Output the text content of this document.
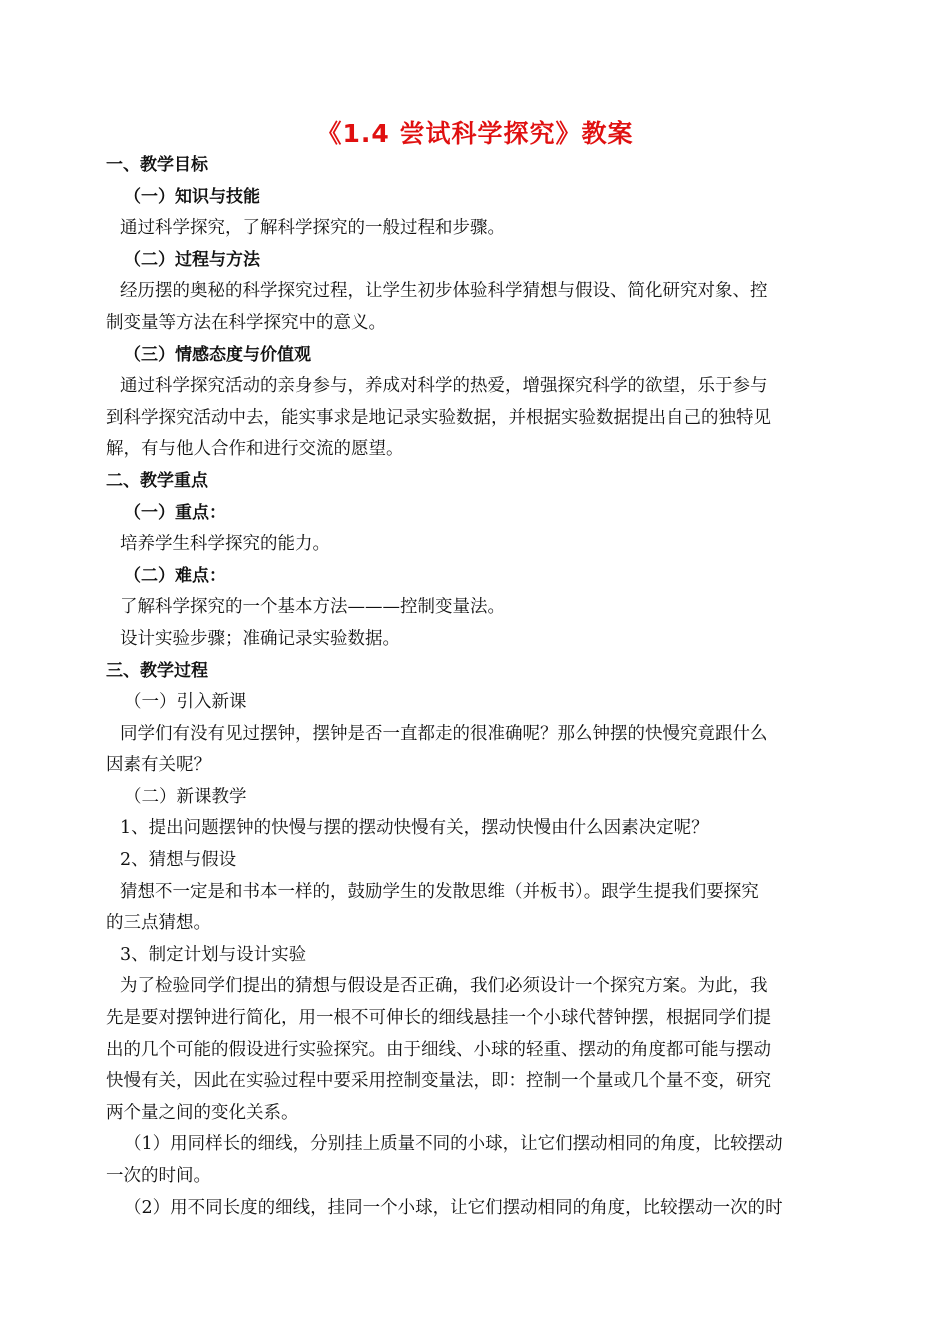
《1.4 尝试科学探究》教案
一、教学目标
（一）知识与技能
通过科学探究，了解科学探究的一般过程和步骤。
（二）过程与方法
经历摆的奥秘的科学探究过程，让学生初步体验科学猜想与假设、简化研究对象、控
制变量等方法在科学探究中的意义。
（三）情感态度与价值观
通过科学探究活动的亲身参与，养成对科学的热爱，增强探究科学的欲望，乐于参与
到科学探究活动中去，能实事求是地记录实验数据，并根据实验数据提出自己的独特见
解，有与他人合作和进行交流的愿望。
二、教学重点
（一）重点：
培养学生科学探究的能力。
（二）难点：
了解科学探究的一个基本方法———控制变量法。
设计实验步骤；准确记录实验数据。
三、教学过程
（一）引入新课
同学们有没有见过摆钟，摆钟是否一直都走的很准确呢？那么钟摆的快慢究竟跟什么
因素有关呢？
（二）新课教学
1、提出问题摆钟的快慢与摆的摆动快慢有关，摆动快慢由什么因素决定呢？
2、猜想与假设
猜想不一定是和书本一样的，鼓励学生的发散思维（并板书）。跟学生提我们要探究
的三点猜想。
3、制定计划与设计实验
为了检验同学们提出的猜想与假设是否正确，我们必须设计一个探究方案。为此，我
先是要对摆钟进行简化，用一根不可伸长的细线悬挂一个小球代替钟摆，根据同学们提
出的几个可能的假设进行实验探究。由于细线、小球的轻重、摆动的角度都可能与摆动
快慢有关，因此在实验过程中要采用控制变量法，即：控制一个量或几个量不变，研究
两个量之间的变化关系。
（1）用同样长的细线，分别挂上质量不同的小球，让它们摆动相同的角度，比较摆动
一次的时间。
（2）用不同长度的细线，挂同一个小球，让它们摆动相同的角度，比较摆动一次的时
